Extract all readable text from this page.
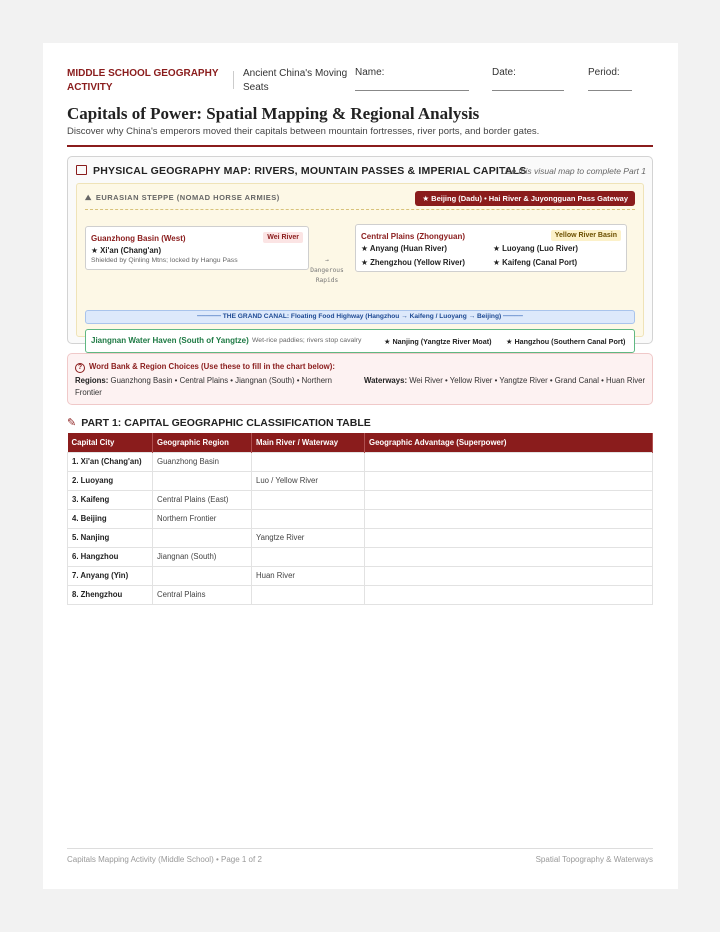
MIDDLE SCHOOL GEOGRAPHY ACTIVITY
Ancient China's Moving Seats
Name:	Date:	Period:
Capitals of Power: Spatial Mapping & Regional Analysis
Discover why China's emperors moved their capitals between mountain fortresses, river ports, and border gates.
PHYSICAL GEOGRAPHY MAP: RIVERS, MOUNTAIN PASSES & IMPERIAL CAPITALS
Use this visual map to complete Part 1
⛰ EURASIAN STEPPE (NOMAD HORSE ARMIES)	★ Beijing (Dadu) • Hai River & Juyongguan Pass Gateway
Guanzhong Basin (West)	Wei River
★ Xi'an (Chang'an)
Shielded by Qinling Mtns; locked by Hangu Pass	→
Dangerous
Rapids
Central Plains (Zhongyuan)	Yellow River Basin
★ Anyang (Huan River)	★ Luoyang (Luo River)
★ Zhengzhou (Yellow River)	★ Kaifeng (Canal Port)
━━━━━━ THE GRAND CANAL: Floating Food Highway (Hangzhou → Kaifeng / Luoyang → Beijing) ━━━━━
Jiangnan Water Haven (South of Yangtze) Wet-rice paddies; rivers stop cavalry	★ Nanjing (Yangtze River Moat) ★ Hangzhou (Southern Canal Port)
? Word Bank & Region Choices (Use these to fill in the chart below):
Regions: Guanzhong Basin • Central Plains • Jiangnan (South) • Northern Frontier
Waterways: Wei River • Yellow River • Yangtze River • Grand Canal • Huan River
✎ PART 1: CAPITAL GEOGRAPHIC CLASSIFICATION TABLE
Capital City	Geographic Region	Main River / Waterway	Geographic Advantage (Superpower)
1. Xi'an (Chang'an)	Guanzhong Basin		
2. Luoyang		Luo / Yellow River	
3. Kaifeng	Central Plains (East)		
4. Beijing	Northern Frontier		
5. Nanjing		Yangtze River	
6. Hangzhou	Jiangnan (South)		
7. Anyang (Yin)		Huan River	
8. Zhengzhou	Central Plains		
Capitals Mapping Activity (Middle School) • Page 1 of 2	Spatial Topography & Waterways
